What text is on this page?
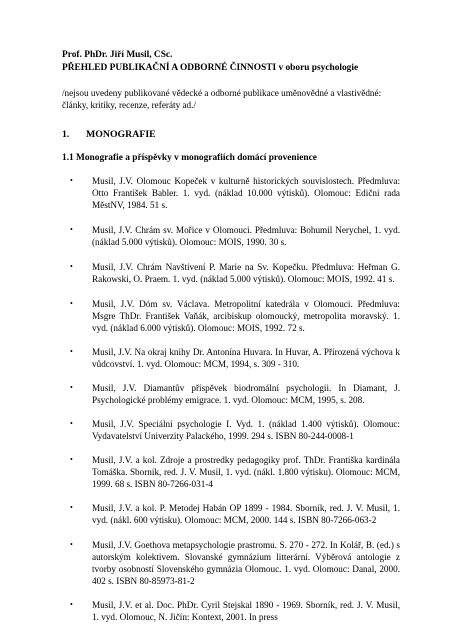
Prof. PhDr. Jiří Musil, CSc.
PŘEHLED PUBLIKAČNÍ A ODBORNÉ ČINNOSTI v oboru psychologie
/nejsou uvedeny publikované vědecké a odborné publikace uměnovědné a vlastivědné: články, kritiky, recenze, referáty ad./
1. MONOGRAFIE
1.1 Monografie a příspěvky v monografiích domácí provenience
• Musil, J.V. Olomouc Kopeček v kulturně historických souvislostech. Předmluva: Otto František Babler. 1. vyd. (náklad 10.000 výtisků). Olomouc: Ediční rada MěstNV, 1984. 51 s.
• Musil, J.V. Chrám sv. Mořice v Olomouci. Předmluva: Bohumil Nerychel, 1. vyd. (náklad 5.000 výtisků). Olomouc: MOIS, 1990. 30 s.
• Musil, J.V. Chrám Navštívení P. Marie na Sv. Kopečku. Předmluva: Heřman G. Rakowski, O. Praem. 1. vyd. (náklad 5.000 výtisků). Olomouc: MOIS, 1992. 41 s.
• Musil, J.V. Dóm sv. Václava. Metropolitní katedrála v Olomouci. Předmluva: Msgre ThDr. František Vaňák, arcibiskup olomoucký, metropolita moravský. 1. vyd. (náklad 6.000 výtisků). Olomouc: MOIS, 1992. 72 s.
• Musil, J.V. Na okraj knihy Dr. Antonína Huvara. In Huvar, A. Přirozená výchova k vůdcovství. 1. vyd. Olomouc: MCM, 1994, s. 309 - 310.
• Musil, J.V. Diamantův příspěvek biodromální psychologii. In Diamant, J. Psychologické problémy emigrace. 1. vyd. Olomouc: MCM, 1995, s. 208.
• Musil, J.V. Speciální psychologie I. Vyd. 1. (náklad 1.400 výtisků). Olomouc: Vydavatelství Univerzity Palackého, 1999. 294 s. ISBN 80-244-0008-1
• Musil, J.V. a kol. Zdroje a prostredky pedagogiky prof. ThDr. Františka kardinála Tomáška. Sborník, red. J. V. Musil, 1. vyd. (nákl. 1.800 výtisku). Olomouc: MCM, 1999. 68 s. ISBN 80-7266-031-4
• Musil, J.V. a kol. P. Metodej Habán OP 1899 - 1984. Sborník, red. J. V. Musil, 1. vyd. (nákl. 600 výtisku). Olomouc: MCM, 2000. 144 s. ISBN 80-7266-063-2
• Musil, J.V. Goethova metapsychologie prastromu. S. 270 - 272. In Kolář, B. (ed.) s autorským kolektivem. Slovanské gymnázium litterární. Výběrová antologie z tvorby osobností Slovenského gymnázia Olomouc. 1. vyd. Olomouc: Danal, 2000. 402 s. ISBN 80-85973-81-2
• Musil, J.V. et al. Doc. PhDr. Cyril Stejskal 1890 - 1969. Sborník, red. J. V. Musil, 1. vyd. Olomouc, N. Jičín: Kontext, 2001. In press
